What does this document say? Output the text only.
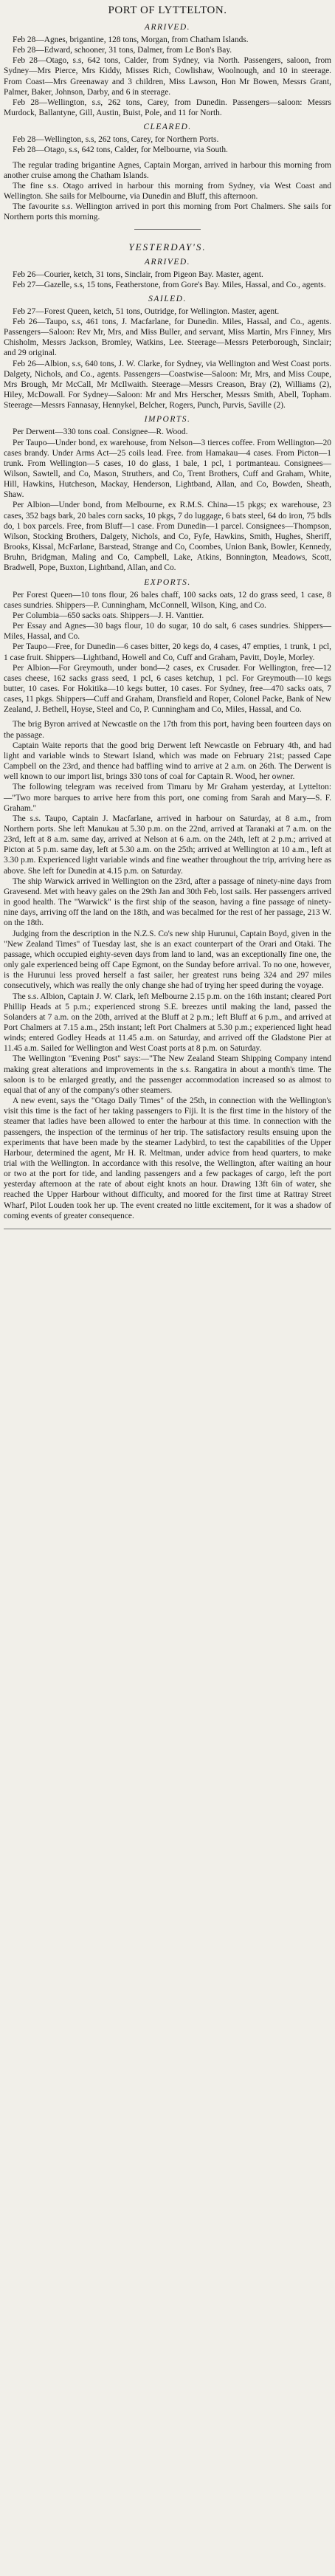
PORT OF LYTTELTON.
ARRIVED.

Feb 28—Agnes, brigantine, 128 tons, Morgan, from Chatham Islands.

Feb 28—Edward, schooner, 31 tons, Dalmer, from Le Bon's Bay.

Feb 28—Otago, s.s, 642 tons, Calder, from Sydney, via North. Passengers, saloon, from Sydney—Mrs Pierce, Mrs Kiddy, Misses Rich, Cowlishaw, Woolnough, and 10 in steerage. From Coast—Mrs Greenaway and 3 children, Miss Lawson, Hon Mr Bowen, Messrs Grant, Palmer, Baker, Johnson, Darby, and 6 in steerage.

Feb 28—Wellington, s.s, 262 tons, Carey, from Dunedin. Passengers—saloon: Messrs Murdock, Ballantyne, Gill, Austin, Buist, Pole, and 11 for North.

CLEARED.

Feb 28—Wellington, s.s, 262 tons, Carey, for Northern Ports.

Feb 28—Otago, s.s, 642 tons, Calder, for Melbourne, via South.

The regular trading brigantine Agnes, Captain Morgan, arrived in harbour this morning from another cruise among the Chatham Islands.

The fine s.s. Otago arrived in harbour this morning from Sydney, via West Coast and Wellington. She sails for Melbourne, via Dunedin and Bluff, this afternoon.

The favourite s.s. Wellington arrived in port this morning from Port Chalmers. She sails for Northern ports this morning.

YESTERDAY'S.
ARRIVED.

Feb 26—Courier, ketch, 31 tons, Sinclair, from Pigeon Bay. Master, agent.

Feb 27—Gazelle, s.s, 15 tons, Featherstone, from Gore's Bay. Miles, Hassal, and Co., agents.

SAILED.

Feb 27—Forest Queen, ketch, 51 tons, Outridge, for Wellington. Master, agent.

Feb 26—Taupo, s.s, 461 tons, J. Macfarlane, for Dunedin. Miles, Hassal, and Co., agents. Passengers—Saloon: Rev Mr, Mrs, and Miss Buller, and servant, Miss Martin, Mrs Finney, Mrs Chisholm, Messrs Jackson, Bromley, Watkins, Lee. Steerage—Messrs Peterborough, Sinclair; and 29 original.

Feb 26—Albion, s.s, 640 tons, J. W. Clarke, for Sydney, via Wellington and West Coast ports. Dalgety, Nichols, and Co., agents. Passengers—Coastwise—Saloon: Mr, Mrs, and Miss Coupe, Mrs Brough, Mr McCall, Mr McIlwaith. Steerage—Messrs Creason, Bray (2), Williams (2), Hiley, McDowall. For Sydney—Saloon: Mr and Mrs Herscher, Messrs Smith, Abell, Topham. Steerage—Messrs Fannasay, Hennykel, Belcher, Rogers, Punch, Purvis, Saville (2).

IMPORTS.

Per Derwent—330 tons coal. Consignee—R. Wood.

Per Taupo—Under bond, ex warehouse, from Nelson—3 tierces coffee. From Wellington—20 cases brandy. Under Arms Act—25 coils lead. Free. from Hamakau—4 cases. From Picton—1 trunk. From Wellington—5 cases, 10 do glass, 1 bale, 1 pcl, 1 portmanteau. Consignees—Wilson, Sawtell, and Co, Mason, Struthers, and Co, Trent Brothers, Cuff and Graham, White, Hill, Hawkins, Hutcheson, Mackay, Henderson, Lightband, Allan, and Co, Bowden, Sheath, Shaw.

Per Albion—Under bond, from Melbourne, ex R.M.S. China—15 pkgs; ex warehouse, 23 cases, 352 bags bark, 20 bales corn sacks, 10 pkgs, 7 do luggage, 6 bats steel, 64 do iron, 75 bdls do, 1 box parcels. Free, from Bluff—1 case. From Dunedin—1 parcel. Consignees—Thompson, Wilson, Stocking Brothers, Dalgety, Nichols, and Co, Fyfe, Hawkins, Smith, Hughes, Sheriff, Brooks, Kissal, McFarlane, Barstead, Strange and Co, Coombes, Union Bank, Bowler, Kennedy, Bruhn, Bridgman, Maling and Co, Campbell, Lake, Atkins, Bonnington, Meadows, Scott, Bradwell, Pope, Buxton, Lightband, Allan, and Co.

EXPORTS.

Per Forest Queen—10 tons flour, 26 bales chaff, 100 sacks oats, 12 do grass seed, 1 case, 8 cases sundries. Shippers—P. Cunningham, McConnell, Wilson, King, and Co.

Per Columbia—650 sacks oats. Shippers—J. H. Vanttier.

Per Essay and Agnes—30 bags flour, 10 do sugar, 10 do salt, 6 cases sundries. Shippers—Miles, Hassal, and Co.

Per Taupo—Free, for Dunedin—6 cases bitter, 20 kegs do, 4 cases, 47 empties, 1 trunk, 1 pcl, 1 case fruit. Shippers—Lightband, Howell and Co, Cuff and Graham, Pavitt, Doyle, Morley.

Per Albion—For Greymouth, under bond—2 cases, ex Crusader. For Wellington, free—12 cases cheese, 162 sacks grass seed, 1 pcl, 6 cases ketchup, 1 pcl. For Greymouth—10 kegs butter, 10 cases. For Hokitika—10 kegs butter, 10 cases. For Sydney, free—470 sacks oats, 7 cases, 11 pkgs. Shippers—Cuff and Graham, Dransfield and Roper, Colonel Packe, Bank of New Zealand, J. Bethell, Hoyse, Steel and Co, P. Cunningham and Co, Miles, Hassal, and Co.

The brig Byron arrived at Newcastle on the 17th from this port, having been fourteen days on the passage.

Captain Waite reports that the good brig Derwent left Newcastle on February 4th, and had light and variable winds to Stewart Island, which was made on February 21st; passed Cape Campbell on the 23rd, and thence had baffling wind to arrive at 2 a.m. on 26th. The Derwent is well known to our import list, brings 330 tons of coal for Captain R. Wood, her owner.

The following telegram was received from Timaru by Mr Graham yesterday, at Lyttelton:—"Two more barques to arrive here from this port, one coming from Sarah and Mary—S. F. Graham."

The s.s. Taupo, Captain J. Macfarlane, arrived in harbour on Saturday, at 8 a.m., from Northern ports. She left Manukau at 5.30 p.m. on the 22nd, arrived at Taranaki at 7 a.m. on the 23rd, left at 8 a.m. same day, arrived at Nelson at 6 a.m. on the 24th, left at 2 p.m.; arrived at Picton at 5 p.m. same day, left at 5.30 a.m. on the 25th; arrived at Wellington at 10 a.m., left at 3.30 p.m. Experienced light variable winds and fine weather throughout the trip, arriving here as above. She left for Dunedin at 4.15 p.m. on Saturday.

The ship Warwick arrived in Wellington on the 23rd, after a passage of ninety-nine days from Gravesend. Met with heavy gales on the 29th Jan and 30th Feb, lost sails. Her passengers arrived in good health. The "Warwick" is the first ship of the season, having a fine passage of ninety-nine days, arriving off the land on the 18th, and was becalmed for the rest of her passage, 213 W. on the 18th.

Judging from the description in the N.Z.S. Co's new ship Hurunui, Captain Boyd, given in the "New Zealand Times" of Tuesday last, she is an exact counterpart of the Orari and Otaki. The passage, which occupied eighty-seven days from land to land, was an exceptionally fine one, the only gale experienced being off Cape Egmont, on the Sunday before arrival. To no one, however, is the Hurunui less proved herself a fast sailer, her greatest runs being 324 and 297 miles consecutively, which was really the only change she had of trying her speed during the voyage.

The s.s. Albion, Captain J. W. Clark, left Melbourne 2.15 p.m. on the 16th instant; cleared Port Phillip Heads at 5 p.m.; experienced strong S.E. breezes until making the land, passed the Solanders at 7 a.m. on the 20th, arrived at the Bluff at 2 p.m.; left Bluff at 6 p.m., and arrived at Port Chalmers at 7.15 a.m., 25th instant; left Port Chalmers at 5.30 p.m.; experienced light head winds; entered Godley Heads at 11.45 a.m. on Saturday, and arrived off the Gladstone Pier at 11.45 a.m. Sailed for Wellington and West Coast ports at 8 p.m. on Saturday.

The Wellington "Evening Post" says:—"The New Zealand Steam Shipping Company intend making great alterations and improvements in the s.s. Rangatira in about a month's time. The saloon is to be enlarged greatly, and the passenger accommodation increased so as almost to equal that of any of the company's other steamers.

A new event, says the "Otago Daily Times" of the 25th, in connection with the Wellington's visit this time is the fact of her taking passengers to Fiji. It is the first time in the history of the steamer that ladies have been allowed to enter the harbour at this time. In connection with the passengers, the inspection of the terminus of her trip. The satisfactory results ensuing upon the experiments that have been made by the steamer Ladybird, to test the capabilities of the Upper Harbour, determined the agent, Mr H. R. Meltman, under advice from head quarters, to make trial with the Wellington. In accordance with this resolve, the Wellington, after waiting an hour or two at the port for tide, and landing passengers and a few packages of cargo, left the port yesterday afternoon at the rate of about eight knots an hour. Drawing 13ft 6in of water, she reached the Upper Harbour without difficulty, and moored for the first time at Rattray Street Wharf, Pilot Louden took her up. The event created no little excitement, for it was a shadow of coming events of greater consequence.
